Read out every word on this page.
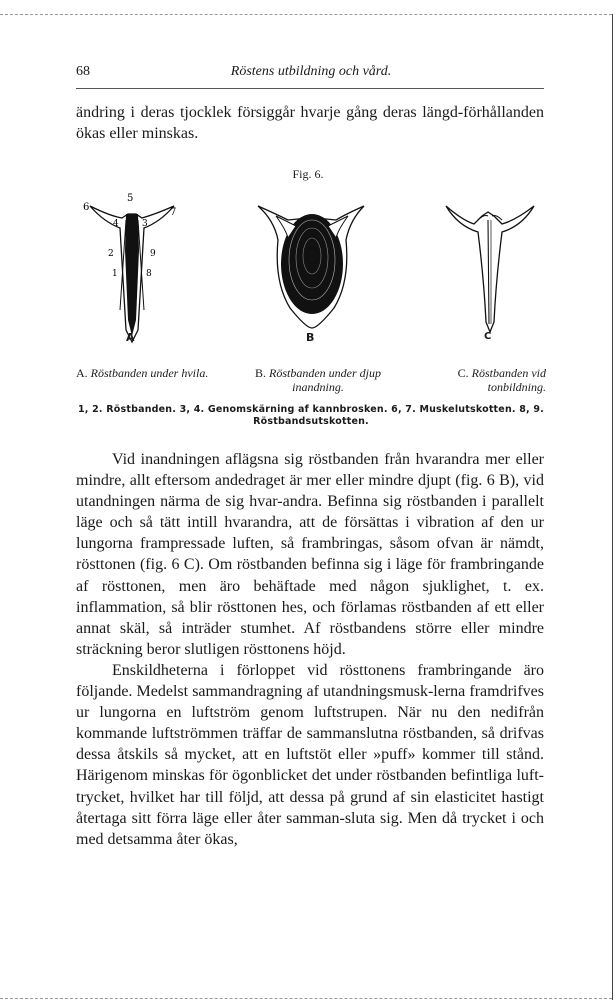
68	Röstens utbildning och vård.

ändring i deras tjocklek försiggår hvarje gång deras längd-förhållanden ökas eller minskas.

Fig. 6.
5
6
4	3
7
2	9
8
1
A	B	C
A. Röstbanden under hvila.	B. Röstbanden under djup inandning.
C. Röstbanden vid tonbildning.
1, 2. Röstbanden. 3, 4. Genomskärning af kannbrosken. 6, 7. Muskelutskotten. 8, 9. Röstbandsutskotten.

Vid inandningen aflägsna sig röstbanden från hvarandra mer eller mindre, allt eftersom andedraget är mer eller mindre djupt (fig. 6 B), vid utandningen närma de sig hvar-andra. Befinna sig röstbanden i parallelt läge och så tätt intill hvarandra, att de försättas i vibration af den ur lungorna frampressade luften, så frambringas, såsom ofvan är nämdt, rösttonen (fig. 6 C). Om röstbanden befinna sig i läge för frambringande af rösttonen, men äro behäftade med någon sjuklighet, t. ex. inflammation, så blir rösttonen hes, och förlamas röstbanden af ett eller annat skäl, så inträder stumhet. Af röstbandens större eller mindre sträckning beror slutligen rösttonens höjd.

Enskildheterna i förloppet vid rösttonens frambringande äro följande. Medelst sammandragning af utandningsmusk-lerna framdrifves ur lungorna en luftström genom luftstrupen. När nu den nedifrån kommande luftströmmen träffar de sammanslutna röstbanden, så drifvas dessa åtskils så mycket, att en luftstöt eller »puff» kommer till stånd. Härigenom minskas för ögonblicket det under röstbanden befintliga luft-trycket, hvilket har till följd, att dessa på grund af sin elasticitet hastigt återtaga sitt förra läge eller åter samman-sluta sig. Men då trycket i och med detsamma åter ökas,
